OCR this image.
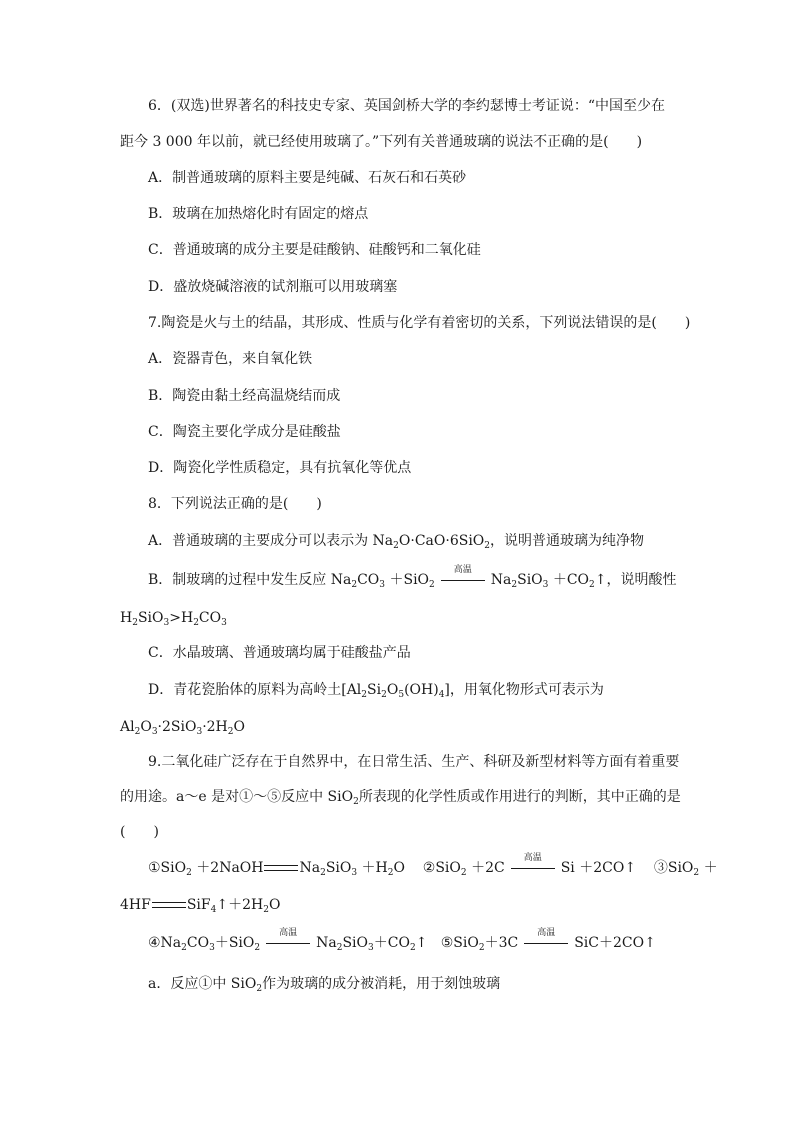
6．(双选)世界著名的科技史专家、英国剑桥大学的李约瑟博士考证说：“中国至少在
距今 3 000 年以前，就已经使用玻璃了。”下列有关普通玻璃的说法不正确的是(　　)
A．制普通玻璃的原料主要是纯碱、石灰石和石英砂
B．玻璃在加热熔化时有固定的熔点
C．普通玻璃的成分主要是硅酸钠、硅酸钙和二氧化硅
D．盛放烧碱溶液的试剂瓶可以用玻璃塞
7.陶瓷是火与土的结晶，其形成、性质与化学有着密切的关系，下列说法错误的是(　　)
A．瓷器青色，来自氧化铁
B．陶瓷由黏土经高温烧结而成
C．陶瓷主要化学成分是硅酸盐
D．陶瓷化学性质稳定，具有抗氧化等优点
8．下列说法正确的是(　　)
A．普通玻璃的主要成分可以表示为 $Na_2O\cdot CaO\cdot 6SiO_2$，说明普通玻璃为纯净物
B．制玻璃的过程中发生反应 $Na_2CO_3 +SiO_2$
高温
$Na_2SiO_3$ $+CO_2↑$，说明酸性
$H_2SiO_3>H_2CO_3$
C．水晶玻璃、普通玻璃均属于硅酸盐产品
D．青花瓷胎体的原料为高岭土$[Al_2Si_2O_5(OH)_4]$，用氧化物形式可表示为
$Al_2O_3\cdot 2SiO_3\cdot 2H_2O$
9.二氧化硅广泛存在于自然界中，在日常生活、生产、科研及新型材料等方面有着重要
的用途。a～e 是对①～⑤反应中 SiO$_2$所表现的化学性质或作用进行的判断，其中正确的是
(　　)
①SiO$_2$ ＋2NaOH	$Na_2SiO_3 +H_2O$    ②SiO$_2$ ＋2C
高温
Si ＋2CO↑    ③SiO$_2$ ＋
4HF	$SiF_4↑+2H_2O$
$④Na_2CO_3+SiO_2$
高温
$Na_2SiO_3+CO_2↑$   ⑤SiO$_2$＋3C
高温
SiC＋2CO↑
a．反应①中 SiO$_2$作为玻璃的成分被消耗，用于刻蚀玻璃
